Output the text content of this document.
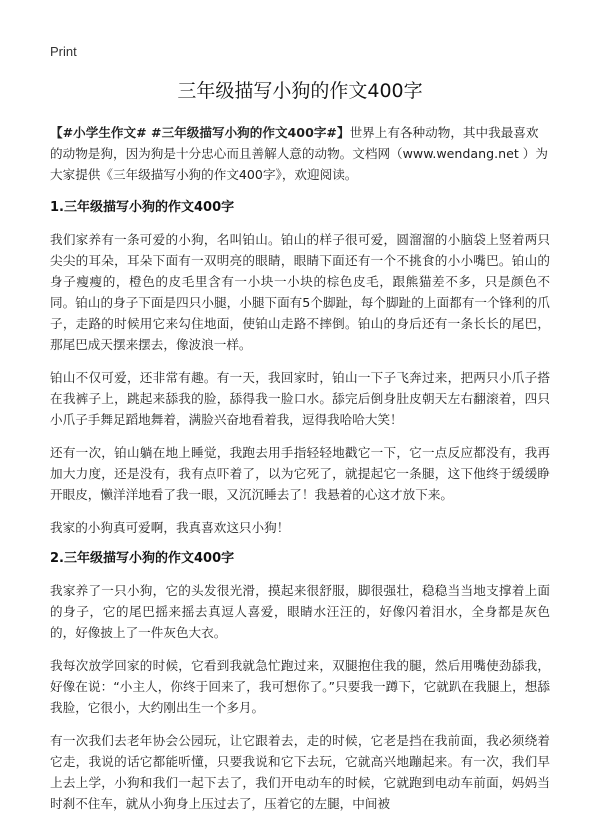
Print
三年级描写小狗的作文400字

【#小学生作文# #三年级描写小狗的作文400字#】世界上有各种动物，其中我最喜欢的动物是狗，因为狗是十分忠心而且善解人意的动物。文档网（www.wendang.net ）为大家提供《三年级描写小狗的作文400字》，欢迎阅读。

1.三年级描写小狗的作文400字

我们家养有一条可爱的小狗，名叫铂山。铂山的样子很可爱，圆溜溜的小脑袋上竖着两只尖尖的耳朵，耳朵下面有一双明亮的眼睛，眼睛下面还有一个不挑食的小小嘴巴。铂山的身子瘦瘦的，橙色的皮毛里含有一小块一小块的棕色皮毛，跟熊猫差不多，只是颜色不同。铂山的身子下面是四只小腿，小腿下面有5个脚趾，每个脚趾的上面都有一个锋利的爪子，走路的时候用它来勾住地面，使铂山走路不摔倒。铂山的身后还有一条长长的尾巴，那尾巴成天摆来摆去，像波浪一样。

铂山不仅可爱，还非常有趣。有一天，我回家时，铂山一下子飞奔过来，把两只小爪子搭在我裤子上，跳起来舔我的脸，舔得我一脸口水。舔完后倒身肚皮朝天左右翻滚着，四只小爪子手舞足蹈地舞着，满脸兴奋地看着我，逗得我哈哈大笑！

还有一次，铂山躺在地上睡觉，我跑去用手指轻轻地戳它一下，它一点反应都没有，我再加大力度，还是没有，我有点吓着了，以为它死了，就提起它一条腿，这下他终于缓缓睁开眼皮，懒洋洋地看了我一眼，又沉沉睡去了！我悬着的心这才放下来。

我家的小狗真可爱啊，我真喜欢这只小狗！

2.三年级描写小狗的作文400字

我家养了一只小狗，它的头发很光滑，摸起来很舒服，脚很强壮，稳稳当当地支撑着上面的身子，它的尾巴摇来摇去真逗人喜爱，眼睛水汪汪的，好像闪着泪水，全身都是灰色的，好像披上了一件灰色大衣。

我每次放学回家的时候，它看到我就急忙跑过来，双腿抱住我的腿，然后用嘴使劲舔我，好像在说：“小主人，你终于回来了，我可想你了。”只要我一蹲下，它就趴在我腿上，想舔我脸，它很小，大约刚出生一个多月。

有一次我们去老年协会公园玩，让它跟着去，走的时候，它老是挡在我前面，我必须绕着它走，我说的话它都能听懂，只要我说和它下去玩，它就高兴地蹦起来。有一次，我们早上去上学，小狗和我们一起下去了，我们开电动车的时候，它就跑到电动车前面，妈妈当时刹不住车，就从小狗身上压过去了，压着它的左腿，中间被
